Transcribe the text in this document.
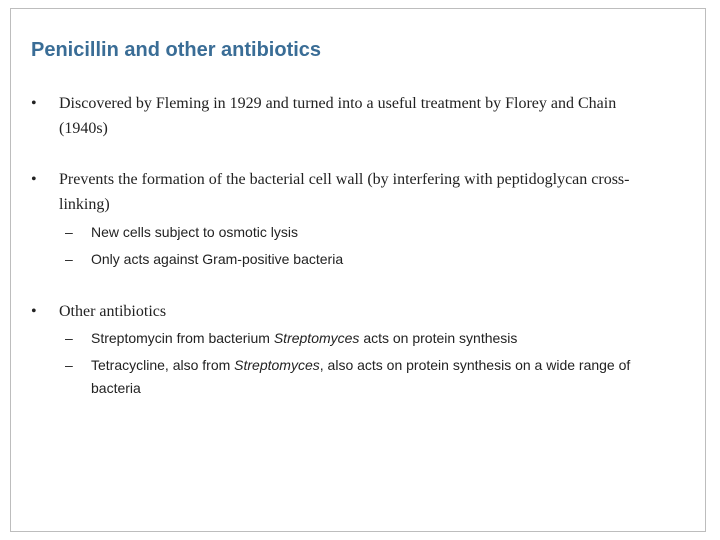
Penicillin and other antibiotics
• Discovered by Fleming in 1929 and turned into a useful treatment by Florey and Chain (1940s)
• Prevents the formation of the bacterial cell wall (by interfering with peptidoglycan cross-linking)
– New cells subject to osmotic lysis
– Only acts against Gram-positive bacteria
• Other antibiotics
– Streptomycin from bacterium Streptomyces acts on protein synthesis
– Tetracycline, also from Streptomyces, also acts on protein synthesis on a wide range of bacteria
